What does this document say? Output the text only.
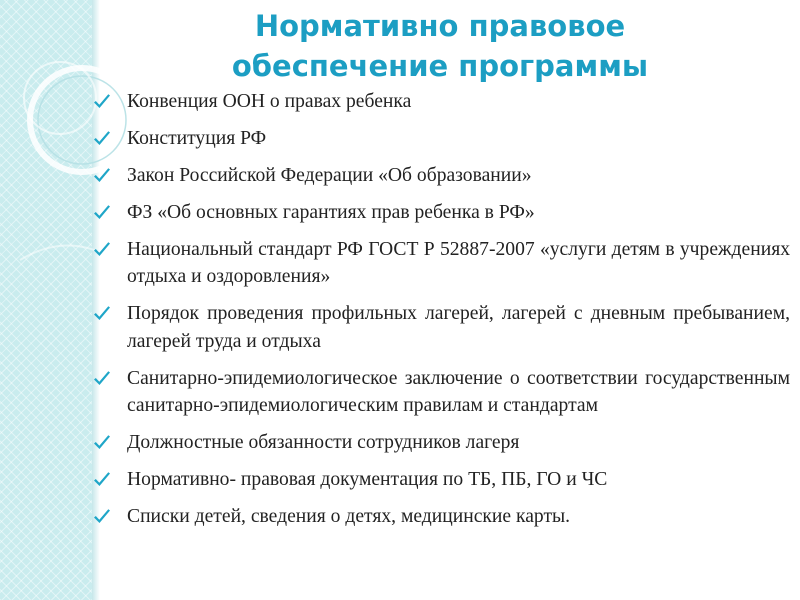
Нормативно правовое
обеспечение программы
Конвенция ООН о правах ребенка
Конституция РФ
Закон Российской Федерации «Об образовании»
ФЗ «Об основных гарантиях прав ребенка в РФ»
Национальный стандарт РФ ГОСТ Р 52887-2007 «услуги детям в учреждениях отдыха и оздоровления»
Порядок проведения профильных лагерей, лагерей с дневным пребыванием, лагерей труда и отдыха
Санитарно-эпидемиологическое заключение о соответствии государственным санитарно-эпидемиологическим правилам и стандартам
Должностные обязанности сотрудников лагеря
Нормативно- правовая документация по ТБ, ПБ, ГО и ЧС
Списки детей, сведения о детях, медицинские карты.
